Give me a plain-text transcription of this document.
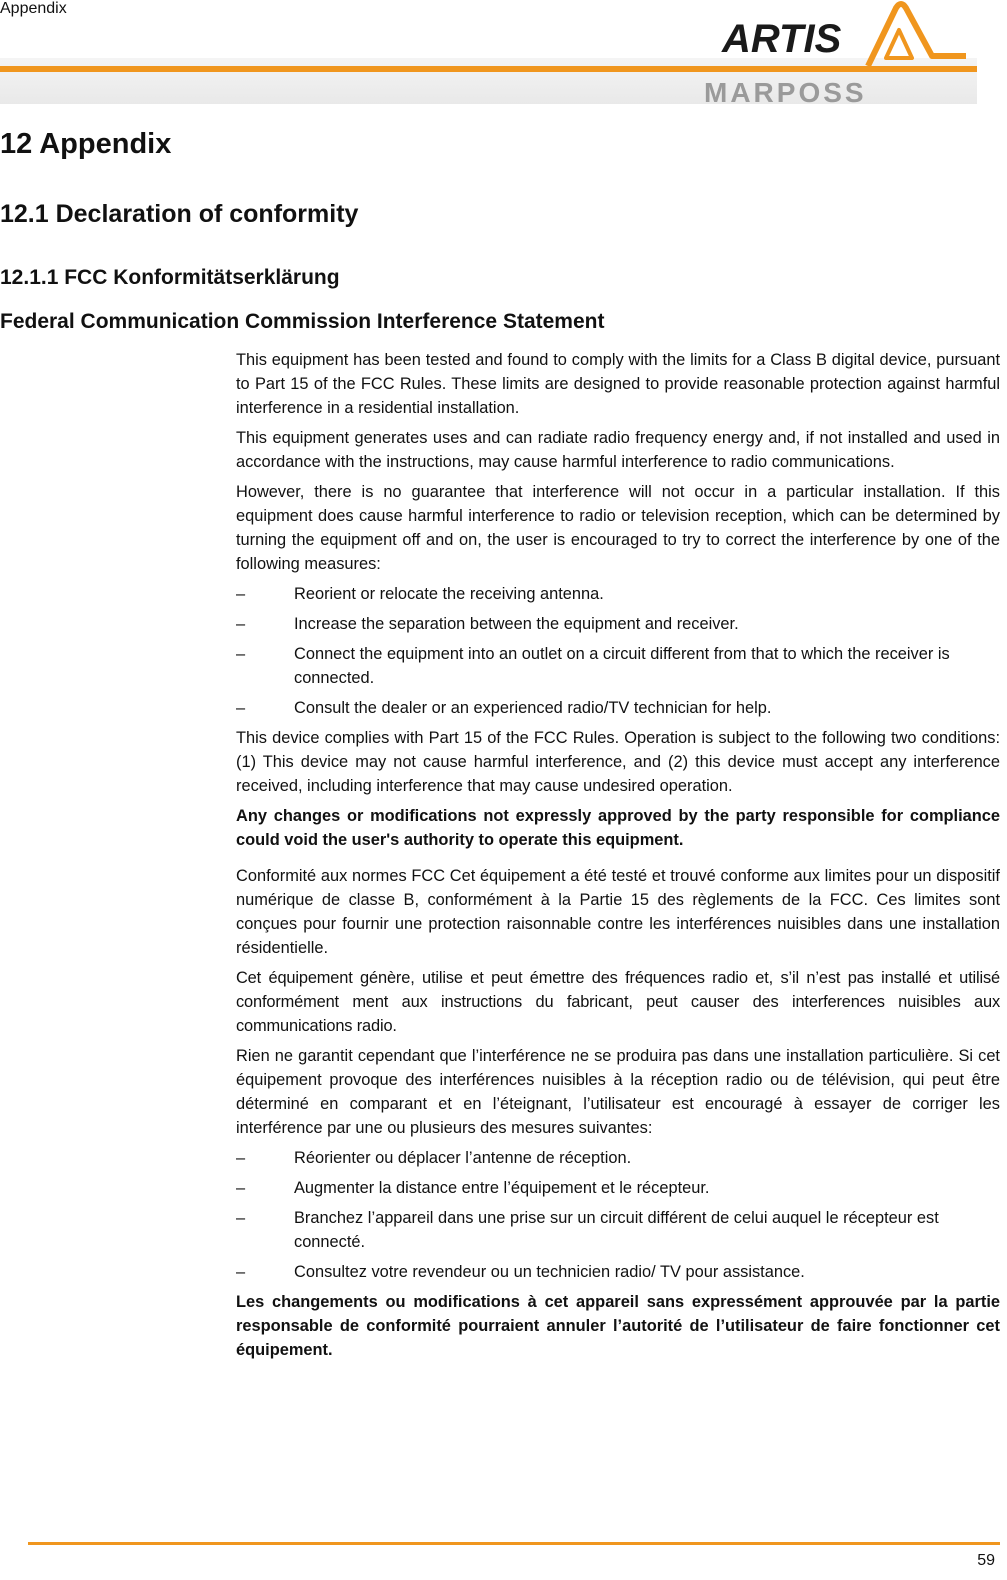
Appendix
ARTIS
MARPOSS
12 Appendix
12.1 Declaration of conformity
12.1.1 FCC Konformitätserklärung
Federal Communication Commission Interference Statement

This equipment has been tested and found to comply with the limits for a Class B digital device, pursuant to Part 15 of the FCC Rules. These limits are designed to provide reasonable protection against harmful interference in a residential installation.

This equipment generates uses and can radiate radio frequency energy and, if not installed and used in accordance with the instructions, may cause harmful interference to radio communications.

However, there is no guarantee that interference will not occur in a particular installation. If this equipment does cause harmful interference to radio or television reception, which can be determined by turning the equipment off and on, the user is encouraged to try to correct the interference by one of the following measures:

–	Reorient or relocate the receiving antenna.
–	Increase the separation between the equipment and receiver.
–	Connect the equipment into an outlet on a circuit different from that to which the receiver is connected.
–	Consult the dealer or an experienced radio/TV technician for help.

This device complies with Part 15 of the FCC Rules. Operation is subject to the following two conditions: (1) This device may not cause harmful interference, and (2) this device must accept any interference received, including interference that may cause undesired operation.

Any changes or modifications not expressly approved by the party responsible for compliance could void the user's authority to operate this equipment.

Conformité aux normes FCC Cet équipement a été testé et trouvé conforme aux limites pour un dispositif numérique de classe B, conformément à la Partie 15 des règlements de la FCC. Ces limites sont conçues pour fournir une protection raisonnable contre les interférences nuisibles dans une installation résidentielle.

Cet équipement génère, utilise et peut émettre des fréquences radio et, s’il n’est pas installé et utilisé conformément ment aux instructions du fabricant, peut causer des interferences nuisibles aux communications radio.

Rien ne garantit cependant que l’interférence ne se produira pas dans une installation particulière. Si cet équipement provoque des interférences nuisibles à la réception radio ou de télévision, qui peut être déterminé en comparant et en l’éteignant, l’utilisateur est encouragé à essayer de corriger les interférence par une ou plusieurs des mesures suivantes:

–	Réorienter ou déplacer l’antenne de réception.
–	Augmenter la distance entre l’équipement et le récepteur.
–	Branchez l’appareil dans une prise sur un circuit différent de celui auquel le récepteur est connecté.
–	Consultez votre revendeur ou un technicien radio/ TV pour assistance.

Les changements ou modifications à cet appareil sans expressément approuvée par la partie responsable de conformité pourraient annuler l’autorité de l’utilisateur de faire fonctionner cet équipement.

59
